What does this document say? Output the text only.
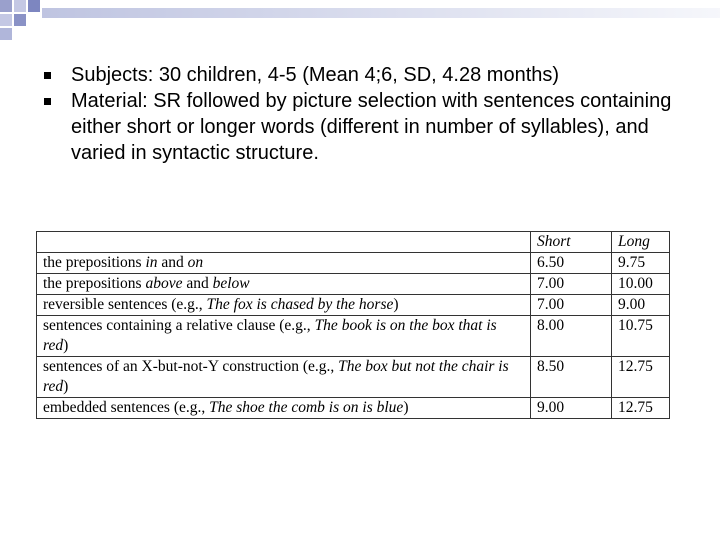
Subjects: 30 children, 4-5 (Mean 4;6, SD, 4.28 months)
Material: SR followed by picture selection with sentences containing either short or longer words (different in number of syllables), and varied in syntactic structure.
	Short	Long
the prepositions in and on	6.50	9.75
the prepositions above and below	7.00	10.00
reversible sentences (e.g., The fox is chased by the horse)	7.00	9.00
sentences containing a relative clause (e.g., The book is on the box that is red)	8.00	10.75
sentences of an X-but-not-Y construction (e.g., The box but not the chair is red)	8.50	12.75
embedded sentences (e.g., The shoe the comb is on is blue)	9.00	12.75
